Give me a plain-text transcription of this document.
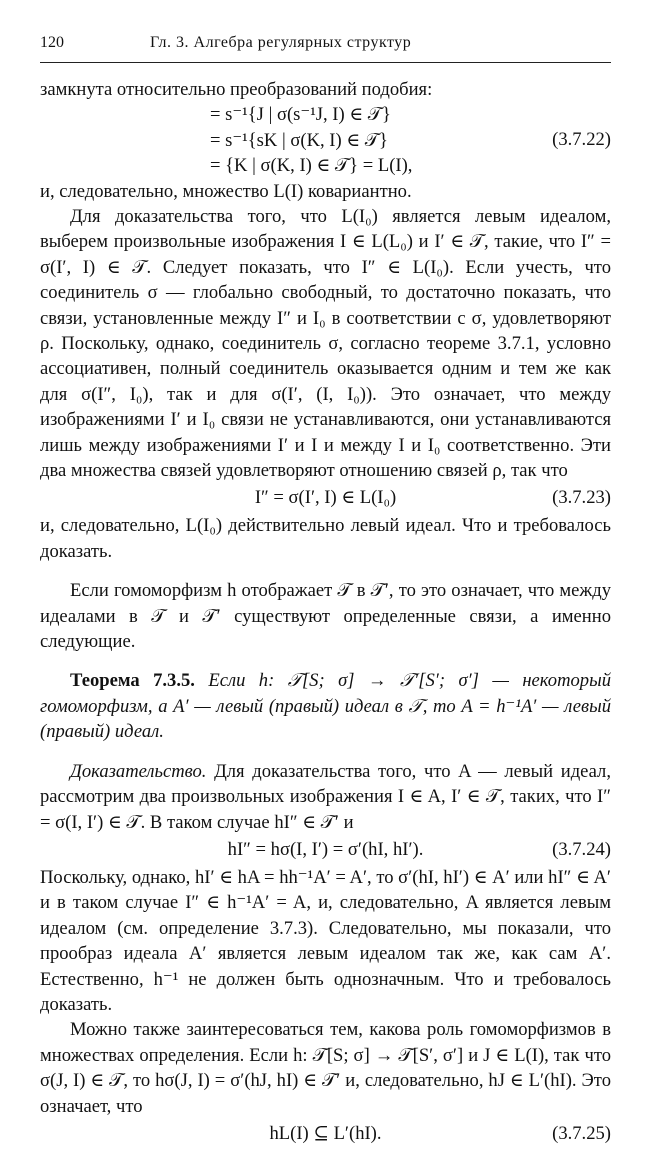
120	Гл. 3. Алгебра регулярных структур

замкнута относительно преобразований подобия:

= s⁻¹{J | σ(s⁻¹J, I) ∈ 𝒯}
= s⁻¹{sK | σ(K, I) ∈ 𝒯}
= {K | σ(K, I) ∈ 𝒯} = L(I),
(3.7.22)

и, следовательно, множество L(I) ковариантно.

Для доказательства того, что L(I₀) является левым идеалом, выберем произвольные изображения I ∈ L(L₀) и I′ ∈ 𝒯, такие, что I″ = σ(I′, I) ∈ 𝒯. Следует показать, что I″ ∈ L(I₀). Если учесть, что соединитель σ — глобально свободный, то достаточно показать, что связи, установленные между I″ и I₀ в соответствии с σ, удовлетворяют ρ. Поскольку, однако, соединитель σ, согласно теореме 3.7.1, условно ассоциативен, полный соединитель оказывается одним и тем же как для σ(I″, I₀), так и для σ(I′, (I, I₀)). Это означает, что между изображениями I′ и I₀ связи не устанавливаются, они устанавливаются лишь между изображениями I′ и I и между I и I₀ соответственно. Эти два множества связей удовлетворяют отношению связей ρ, так что

I″ = σ(I′, I) ∈ L(I₀)	(3.7.23)

и, следовательно, L(I₀) действительно левый идеал. Что и требовалось доказать.

Если гомоморфизм h отображает 𝒯 в 𝒯′, то это означает, что между идеалами в 𝒯 и 𝒯′ существуют определенные связи, а именно следующие.

Теорема 7.3.5. Если h: 𝒯[S; σ] → 𝒯′[S′; σ′] — некоторый гомоморфизм, а A′ — левый (правый) идеал в 𝒯, то A = h⁻¹A′ — левый (правый) идеал.

Доказательство. Для доказательства того, что A — левый идеал, рассмотрим два произвольных изображения I ∈ A, I′ ∈ 𝒯, таких, что I″ = σ(I, I′) ∈ 𝒯. В таком случае hI″ ∈ 𝒯′ и

hI″ = hσ(I, I′) = σ′(hI, hI′).	(3.7.24)

Поскольку, однако, hI′ ∈ hA = hh⁻¹A′ = A′, то σ′(hI, hI′) ∈ A′ или hI″ ∈ A′ и в таком случае I″ ∈ h⁻¹A′ = A, и, следовательно, A является левым идеалом (см. определение 3.7.3). Следовательно, мы показали, что прообраз идеала A′ является левым идеалом так же, как сам A′. Естественно, h⁻¹ не должен быть однозначным. Что и требовалось доказать.

Можно также заинтересоваться тем, какова роль гомоморфизмов в множествах определения. Если h: 𝒯[S; σ] → 𝒯[S′, σ′] и J ∈ L(I), так что σ(J, I) ∈ 𝒯, то hσ(J, I) = σ′(hJ, hI) ∈ 𝒯′ и, следовательно, hJ ∈ L′(hI). Это означает, что

hL(I) ⊆ L′(hI).	(3.7.25)
